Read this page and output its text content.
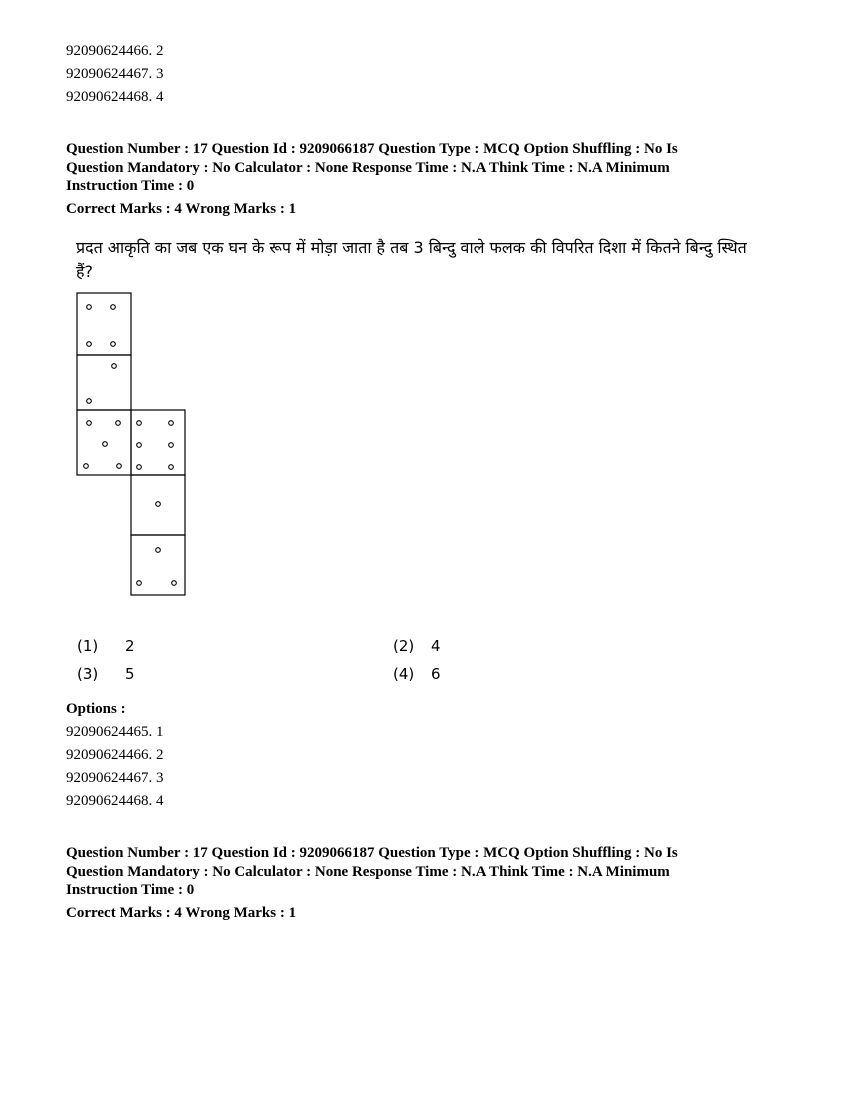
92090624466. 2
92090624467. 3
92090624468. 4
Question Number : 17 Question Id : 9209066187 Question Type : MCQ Option Shuffling : No Is
Question Mandatory : No Calculator : None Response Time : N.A Think Time : N.A Minimum
Instruction Time : 0
Correct Marks : 4 Wrong Marks : 1
प्रदत आकृति का जब एक घन के रूप में मोड़ा जाता है तब 3 बिन्दु वाले फलक की विपरित दिशा में कितने बिन्दु स्थित हैं?
(1) 2	(2) 4
(3) 5	(4) 6
Options :
92090624465. 1
92090624466. 2
92090624467. 3
92090624468. 4
Question Number : 17 Question Id : 9209066187 Question Type : MCQ Option Shuffling : No Is
Question Mandatory : No Calculator : None Response Time : N.A Think Time : N.A Minimum
Instruction Time : 0
Correct Marks : 4 Wrong Marks : 1
